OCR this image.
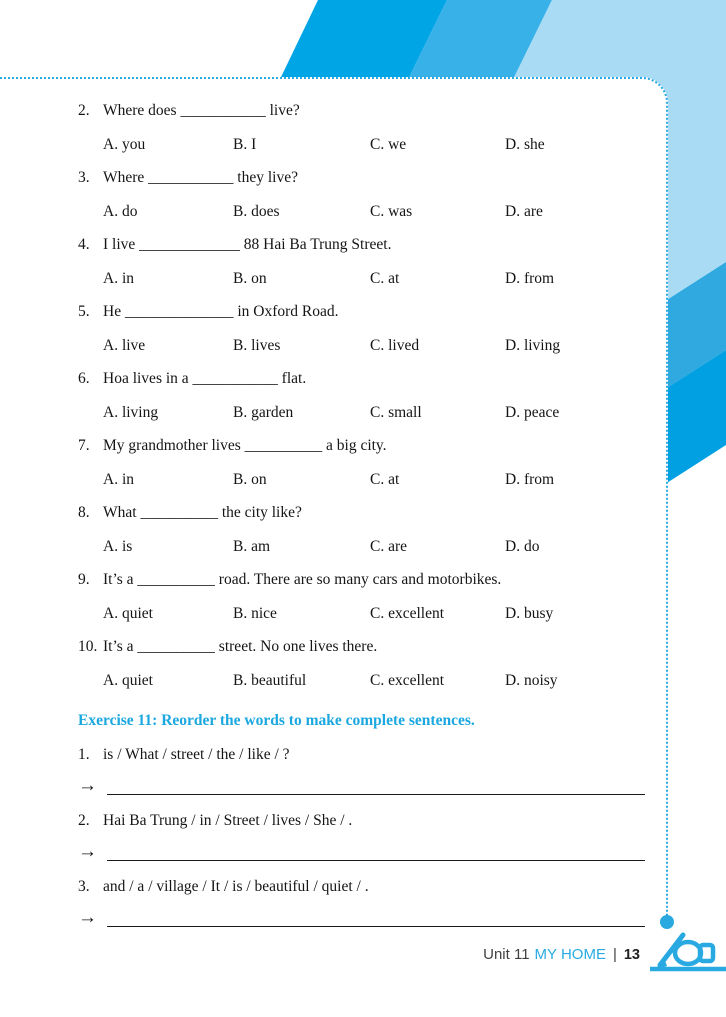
2. Where does ___________ live?
A. you	B. I	C. we	D. she
3. Where ___________ they live?
A. do	B. does	C. was	D. are
4. I live _____________ 88 Hai Ba Trung Street.
A. in	B. on	C. at	D. from
5. He ______________ in Oxford Road.
A. live	B. lives	C. lived	D. living
6. Hoa lives in a ___________ flat.
A. living	B. garden	C. small	D. peace
7. My grandmother lives __________ a big city.
A. in	B. on	C. at	D. from
8. What __________ the city like?
A. is	B. am	C. are	D. do
9. It’s a __________ road. There are so many cars and motorbikes.
A. quiet	B. nice	C. excellent	D. busy
10. It’s a __________ street. No one lives there.
A. quiet	B. beautiful	C. excellent	D. noisy
Exercise 11: Reorder the words to make complete sentences.
1. is / What / street / the / like / ?
→
2. Hai Ba Trung / in / Street / lives / She / .
→
3. and / a / village / It / is / beautiful / quiet / .
→
Unit 11 MY HOME | 13
